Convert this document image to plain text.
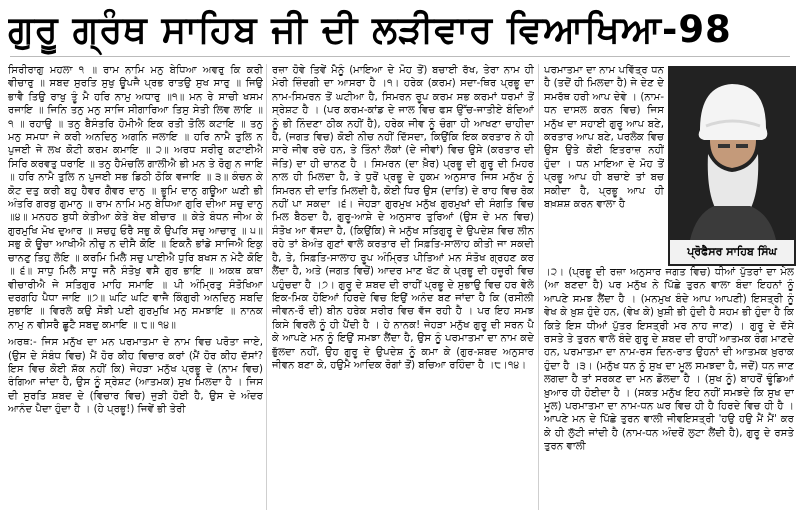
ਗੁਰੂ ਗ੍ਰੰਥ ਸਾਹਿਬ ਜੀ ਦੀ ਲੜੀਵਾਰ ਵਿਆਖਿਆ-98

ਸਿਰੀਰਾਗੁ ਮਹਲਾ ੧ ॥ ਰਾਮ ਨਾਮਿ ਮਨੁ ਬੇਧਿਆ ਅਵਰੁ ਕਿ ਕਰੀ ਵੀਚਾਰੁ ॥ ਸਬਦ ਸੁਰਤਿ ਸੁਖੁ ਊਪਜੈ ਪ੍ਰਭ ਰਾਤਉ ਸੁਖ ਸਾਰੁ ॥ ਜਿਉ ਭਾਵੈ ਤਿਉ ਰਾਖੁ ਤੂੰ ਮੈ ਹਰਿ ਨਾਮੁ ਅਧਾਰੁ ॥੧॥ ਮਨ ਰੇ ਸਾਚੀ ਖਸਮ ਰਜਾਇ ॥ ਜਿਨਿ ਤਨੁ ਮਨੁ ਸਾਜਿ ਸੀਗਾਰਿਆ ਤਿਸੁ ਸੇਤੀ ਲਿਵ ਲਾਇ ॥ ੧ ॥ ਰਹਾਉ ॥ ਤਨੁ ਬੈਸੰਤਰਿ ਹੋਮੀਐ ਇਕ ਰਤੀ ਤੋਲਿ ਕਟਾਇ ॥ ਤਨੁ ਮਨੁ ਸਮਧਾ ਜੇ ਕਰੀ ਅਨਦਿਨੁ ਅਗਨਿ ਜਲਾਇ ॥ ਹਰਿ ਨਾਮੈ ਤੁਲਿ ਨ ਪੁਜਈ ਜੇ ਲਖ ਕੋਟੀ ਕਰਮ ਕਮਾਇ ॥ ੨॥ ਅਰਧ ਸਰੀਰੁ ਕਟਾਈਐ ਸਿਰਿ ਕਰਵਤੁ ਧਰਾਇ ॥ ਤਨੁ ਹੈਮੰਚਲਿ ਗਾਲੀਐ ਭੀ ਮਨ ਤੇ ਰੋਗੁ ਨ ਜਾਇ ॥ ਹਰਿ ਨਾਮੈ ਤੁਲਿ ਨ ਪੁਜਈ ਸਭ ਡਿਠੀ ਠੋਕਿ ਵਜਾਇ ॥ ੩॥ ਕੰਚਨ ਕੇ ਕੋਟ ਦਤੁ ਕਰੀ ਬਹੁ ਹੈਵਰ ਗੈਵਰ ਦਾਨੁ ॥ ਭੂਮਿ ਦਾਨੁ ਗਊਆ ਘਣੀ ਭੀ ਅੰਤਰਿ ਗਰਬੁ ਗੁਮਾਨੁ ॥ ਰਾਮ ਨਾਮਿ ਮਨੁ ਬੇਧਿਆ ਗੁਰਿ ਦੀਆ ਸਚੁ ਦਾਨੁ ॥੪॥ ਮਨਹਠ ਬੁਧੀ ਕੇਤੀਆ ਕੇਤੇ ਬੇਦ ਬੀਚਾਰ ॥ ਕੇਤੇ ਬੰਧਨ ਜੀਅ ਕੇ ਗੁਰਮੁਖਿ ਮੋਖ ਦੁਆਰ ॥ ਸਚਹੁ ਓਰੈ ਸਭੁ ਕੋ ਉਪਰਿ ਸਚੁ ਆਚਾਰੁ ॥ ੫॥ ਸਭੁ ਕੋ ਊਚਾ ਆਖੀਐ ਨੀਚੁ ਨ ਦੀਸੈ ਕੋਇ ॥ ਇਕਨੈ ਭਾਂਡੇ ਸਾਜਿਐ ਇਕੁ ਚਾਨਣੁ ਤਿਹੁ ਲੋਇ ॥ ਕਰਮਿ ਮਿਲੈ ਸਚੁ ਪਾਈਐ ਧੁਰਿ ਬਖਸ ਨ ਮੇਟੈ ਕੋਇ ॥ ੬॥ ਸਾਧੁ ਮਿਲੈ ਸਾਧੂ ਜਨੈ ਸੰਤੋਖੁ ਵਸੈ ਗੁਰ ਭਾਇ ॥ ਅਕਥ ਕਥਾ ਵੀਚਾਰੀਐ ਜੇ ਸਤਿਗੁਰ ਮਾਹਿ ਸਮਾਇ ॥ ਪੀ ਅੰਮ੍ਰਿਤੁ ਸੰਤੋਖਿਆ ਦਰਗਹਿ ਪੈਧਾ ਜਾਇ ॥੭॥ ਘਟਿ ਘਟਿ ਵਾਜੈ ਕਿੰਗੁਰੀ ਅਨਦਿਨੁ ਸਬਦਿ ਸੁਭਾਇ ॥ ਵਿਰਲੇ ਕਉ ਸੋਝੀ ਪਈ ਗੁਰਮੁਖਿ ਮਨੁ ਸਮਝਾਇ ॥ ਨਾਨਕ ਨਾਮੁ ਨ ਵੀਸਰੈ ਛੂਟੈ ਸਬਦੁ ਕਮਾਇ ॥ ੮॥ ੧੪॥

ਅਰਥ:- ਜਿਸ ਮਨੁੱਖ ਦਾ ਮਨ ਪਰਮਾਤਮਾ ਦੇ ਨਾਮ ਵਿਚ ਪਰੋਤਾ ਜਾਏ, (ਉਸ ਦੇ ਸੰਬੰਧ ਵਿਚ) ਮੈਂ ਹੋਰ ਕੀਹ ਵਿਚਾਰ ਕਰਾਂ (ਮੈਂ ਹੋਰ ਕੀਹ ਦੱਸਾਂ? ਇਸ ਵਿਚ ਕੋਈ ਸ਼ੱਕ ਨਹੀਂ ਕਿ) ਜੇਹੜਾ ਮਨੁੱਖ ਪ੍ਰਭੂ ਦੇ (ਨਾਮ ਵਿਚ) ਰੰਗਿਆ ਜਾਂਦਾ ਹੈ, ਉਸ ਨੂੰ ਸ੍ਰੇਸ਼ਟ (ਆਤਮਕ) ਸੁਖ ਮਿਲਦਾ ਹੈ । ਜਿਸ ਦੀ ਸੁਰਤਿ ਸ਼ਬਦ ਦੇ (ਵਿਚਾਰ ਵਿਚ) ਜੁੜੀ ਹੋਈ ਹੈ, ਉਸ ਦੇ ਅੰਦਰ ਆਨੰਦ ਪੈਦਾ ਹੁੰਦਾ ਹੈ । (ਹੇ ਪ੍ਰਭੂ!) ਜਿਵੇਂ ਭੀ ਤੇਰੀ

ਰਜ਼ਾ ਹੋਵੇ ਤਿਵੇਂ ਮੈਨੂੰ (ਮਾਇਆ ਦੇ ਮੋਹ ਤੋਂ) ਬਚਾਈ ਰੱਖ, ਤੇਰਾ ਨਾਮ ਹੀ ਮੇਰੀ ਜ਼ਿੰਦਗੀ ਦਾ ਆਸਰਾ ਹੈ ।੧। ਹਰੇਕ (ਕਰਮ) ਸਦਾ-ਥਿਰ ਪ੍ਰਭੂ ਦਾ ਨਾਮ-ਸਿਮਰਨ ਤੋਂ ਘਟੀਆ ਹੈ, ਸਿਮਰਨ ਰੂਪ ਕਰਮ ਸਭ ਕਰਮਾਂ ਧਰਮਾਂ ਤੋਂ ਸ੍ਰੇਸ਼ਟ ਹੈ । (ਪਰ ਕਰਮ-ਕਾਂਡ ਦੇ ਜਾਲ ਵਿਚ ਫਸ ਉੱਚ-ਜਾਤੀਏ ਬੰਦਿਆਂ ਨੂੰ ਭੀ ਨਿੰਦਣਾ ਠੀਕ ਨਹੀਂ ਹੈ), ਹਰੇਕ ਜੀਵ ਨੂੰ ਚੰਗਾ ਹੀ ਆਖਣਾ ਚਾਹੀਦਾ ਹੈ, (ਜਗਤ ਵਿਚ) ਕੋਈ ਨੀਚ ਨਹੀਂ ਦਿੱਸਦਾ, ਕਿਉਂਕਿ ਇਕ ਕਰਤਾਰ ਨੇ ਹੀ ਸਾਰੇ ਜੀਵ ਰਚੇ ਹਨ, ਤੇ ਤਿੰਨਾਂ ਲੋਕਾਂ (ਦੇ ਜੀਵਾਂ) ਵਿਚ ਉਸੇ (ਕਰਤਾਰ ਦੀ ਜੋਤਿ) ਦਾ ਹੀ ਚਾਨਣ ਹੈ । ਸਿਮਰਨ (ਦਾ ਖ਼ੈਰ) ਪ੍ਰਭੂ ਦੀ ਗੁਰੂ ਦੀ ਮਿਹਰ ਨਾਲ ਹੀ ਮਿਲਦਾ ਹੈ, ਤੇ ਧੁਰੋਂ ਪ੍ਰਭੂ ਦੇ ਹੁਕਮ ਅਨੁਸਾਰ ਜਿਸ ਮਨੁੱਖ ਨੂੰ ਸਿਮਰਨ ਦੀ ਦਾਤਿ ਮਿਲਦੀ ਹੈ, ਕੋਈ ਧਿਰ ਉਸ (ਦਾਤਿ) ਦੇ ਰਾਹ ਵਿਚ ਰੋਕ ਨਹੀਂ ਪਾ ਸਕਦਾ ।੬। ਜੇਹੜਾ ਗੁਰਮੁਖ ਮਨੁੱਖ ਗੁਰਮੁਖਾਂ ਦੀ ਸੰਗਤਿ ਵਿਚ ਮਿਲ ਬੈਠਦਾ ਹੈ, ਗੁਰੂ-ਆਸ਼ੇ ਦੇ ਅਨੁਸਾਰ ਤੁਰਿਆਂ (ਉਸ ਦੇ ਮਨ ਵਿਚ) ਸੰਤੋਖ ਆ ਵੱਸਦਾ ਹੈ, (ਕਿਉਂਕਿ) ਜੇ ਮਨੁੱਖ ਸਤਿਗੁਰੂ ਦੇ ਉਪਦੇਸ਼ ਵਿਚ ਲੀਨ ਰਹੇ ਤਾਂ ਬੇਅੰਤ ਗੁਣਾਂ ਵਾਲੇ ਕਰਤਾਰ ਦੀ ਸਿਫ਼ਤਿ-ਸਾਲਾਹ ਕੀਤੀ ਜਾ ਸਕਦੀ ਹੈ, ਤੇ, ਸਿਫ਼ਤਿ-ਸਾਲਾਹ ਰੂਪ ਅੰਮ੍ਰਿਤ ਪੀਤਿਆਂ ਮਨ ਸੰਤੋਖ ਗ੍ਰਹਣ ਕਰ ਲੈਂਦਾ ਹੈ, ਅਤੇ (ਜਗਤ ਵਿਚੋਂ) ਆਦਰ ਮਾਣ ਖੱਟ ਕੇ ਪ੍ਰਭੂ ਦੀ ਹਜ਼ੂਰੀ ਵਿਚ ਪਹੁੰਚਦਾ ਹੈ ।੭। ਗੁਰੂ ਦੇ ਸ਼ਬਦ ਦੀ ਰਾਹੀਂ ਪ੍ਰਭੂ ਦੇ ਸੁਭਾਉ ਵਿਚ ਹਰ ਵੇਲੇ ਇਕ-ਮਿਕ ਹੋਇਆਂ ਹਿਰਦੇ ਵਿਚ ਇਉਂ ਅਨੰਦ ਬਣ ਜਾਂਦਾ ਹੈ ਕਿ (ਰਸੀਲੀ ਜੀਵਨ-ਰੌ ਦੀ) ਬੀਨ ਹਰੇਕ ਸਰੀਰ ਵਿਚ ਵੱਜ ਰਹੀ ਹੈ । ਪਰ ਇਹ ਸਮਝ ਕਿਸੇ ਵਿਰਲੇ ਨੂੰ ਹੀ ਪੈਂਦੀ ਹੈ । ਹੇ ਨਾਨਕ! ਜੇਹੜਾ ਮਨੁੱਖ ਗੁਰੂ ਦੀ ਸਰਨ ਪੈ ਕੇ ਆਪਣੇ ਮਨ ਨੂੰ ਇਉਂ ਸਮਝਾ ਲੈਂਦਾ ਹੈ, ਉਸ ਨੂੰ ਪਰਮਾਤਮਾ ਦਾ ਨਾਮ ਕਦੇ ਭੁੱਲਦਾ ਨਹੀਂ, ਉਹ ਗੁਰੂ ਦੇ ਉਪਦੇਸ਼ ਨੂੰ ਕਮਾ ਕੇ (ਗੁਰ-ਸ਼ਬਦ ਅਨੁਸਾਰ ਜੀਵਨ ਬਣਾ ਕੇ, ਹਉਮੈ ਆਦਿਕ ਰੋਗਾਂ ਤੋਂ) ਬਚਿਆ ਰਹਿੰਦਾ ਹੈ ।੮।੧੪।

ਪਰਮਾਤਮਾ ਦਾ ਨਾਮ ਪਵਿੱਤ੍ਰ ਧਨ ਹੈ (ਤਦੋਂ ਹੀ ਮਿਲਦਾ ਹੈ) ਜੇ ਦੇਣ ਦੇ ਸਮਰੱਥ ਹਰੀ ਆਪ ਦੇਵੇ । (ਨਾਮ-ਧਨ ਦਾਸਲ ਕਰਨ ਵਿਚ) ਜਿਸ ਮਨੁੱਖ ਦਾ ਸਹਾਈ ਗੁਰੂ ਆਪ ਬਣੇ, ਕਰਤਾਰ ਆਪ ਬਣੇ, ਪਰਲੋਕ ਵਿਚ ਉਸ ਉਤੇ ਕੋਈ ਇਤਰਾਜ਼ ਨਹੀਂ ਹੁੰਦਾ । ਧਨ ਮਾਇਆ ਦੇ ਮੋਹ ਤੋਂ ਪ੍ਰਭੂ ਆਪ ਹੀ ਬਚਾਏ ਤਾਂ ਬਚ ਸਕੀਦਾ ਹੈ, ਪ੍ਰਭੂ ਆਪ ਹੀ ਬਖ਼ਸ਼ਸ਼ ਕਰਨ ਵਾਲਾ ਹੈ
ਪ੍ਰੋਫੈਸਰ ਸਾਹਿਬ ਸਿੰਘ
।੨। (ਪ੍ਰਭੂ ਦੀ ਰਜ਼ਾ ਅਨੁਸਾਰ ਜਗਤ ਵਿਚ) ਧੀਆਂ ਪੁੱਤਰਾਂ ਦਾ ਮੇਲ (ਆ ਬਣਦਾ ਹੈ) ਪਰ ਮਨੁੱਖ ਨੇ ਪਿੱਛੇ ਤੁਰਨ ਵਾਲਾ ਬੰਦਾ ਇਹਨਾਂ ਨੂੰ ਆਪਣੇ ਸਮਝ ਲੈਂਦਾ ਹੈ । (ਮਨਮੁਖ ਬੰਦੇ ਆਪ ਆਪਣੀ) ਇਸਤ੍ਰੀ ਨੂੰ ਵੇਖ ਕੇ ਖ਼ੁਸ਼ ਹੁੰਦੇ ਹਨ, (ਵੇਖ ਕੇ) ਖ਼ੁਸ਼ੀ ਭੀ ਹੁੰਦੀ ਹੈ ਸਹਮ ਭੀ ਹੁੰਦਾ ਹੈ ਕਿ ਕਿਤੇ ਇਸ ਧੀਆਂ ਪੁੱਤਰ ਇਸਤ੍ਰੀ ਮਰ ਨਾਹ ਜਾਣ) । ਗੁਰੂ ਦੇ ਦੱਸੇ ਰਸਤੇ ਤੇ ਤੁਰਨ ਵਾਲੇ ਬੰਦੇ ਗੁਰੂ ਦੇ ਸ਼ਬਦ ਦੀ ਰਾਹੀਂ ਆਤਮਕ ਰੰਗ ਮਾਣਦੇ ਹਨ, ਪਰਮਾਤਮਾ ਦਾ ਨਾਮ-ਰਸ ਦਿਨ-ਰਾਤ ਉਹਨਾਂ ਦੀ ਆਤਮਕ ਖ਼ੁਰਾਕ ਹੁੰਦਾ ਹੈ ।੩। (ਮਨੁੱਖ ਧਨ ਨੂੰ ਸੁਖ ਦਾ ਮੂਲ ਸਮਝਦਾ ਹੈ, ਜਦੋਂ) ਧਨ ਜਾਣ ਲਗਦਾ ਹੈ ਤਾਂ ਸਰਕਣ ਦਾ ਮਨ ਡੋਲਦਾ ਹੈ । (ਸੁਖ ਨੂੰ) ਬਾਹਰੋਂ ਢੂੰਡਿਆਂ ਖ਼ੁਆਰ ਹੀ ਹੋਈਦਾ ਹੈ । (ਸਕਤ ਮਨੁੱਖ ਇਹ ਨਹੀਂ ਸਮਝਦੇ ਕਿ ਸੁਖ ਦਾ ਮੂਲ) ਪਰਮਾਤਮਾ ਦਾ ਨਾਮ-ਧਨ ਘਰ ਵਿਚ ਹੀ ਹੈ ਹਿਰਦੇ ਵਿਚ ਹੀ ਹੈ । ਆਪਣੇ ਮਨ ਦੇ ਪਿੱਛੇ ਤੁਰਨ ਵਾਲੀ ਜੀਵਇਸਤ੍ਰੀ 'ਹਉ ਹਉ ਮੈਂ ਮੈਂ' ਕਰ ਕੇ ਹੀ ਲੁੱਟੀ ਜਾਂਦੀ ਹੈ (ਨਾਮ-ਧਨ ਅੰਦਰੋਂ ਲੁਟਾ ਲੈਂਦੀ ਹੈ), ਗੁਰੂ ਦੇ ਰਸਤੇ ਤੁਰਨ ਵਾਲੀ
